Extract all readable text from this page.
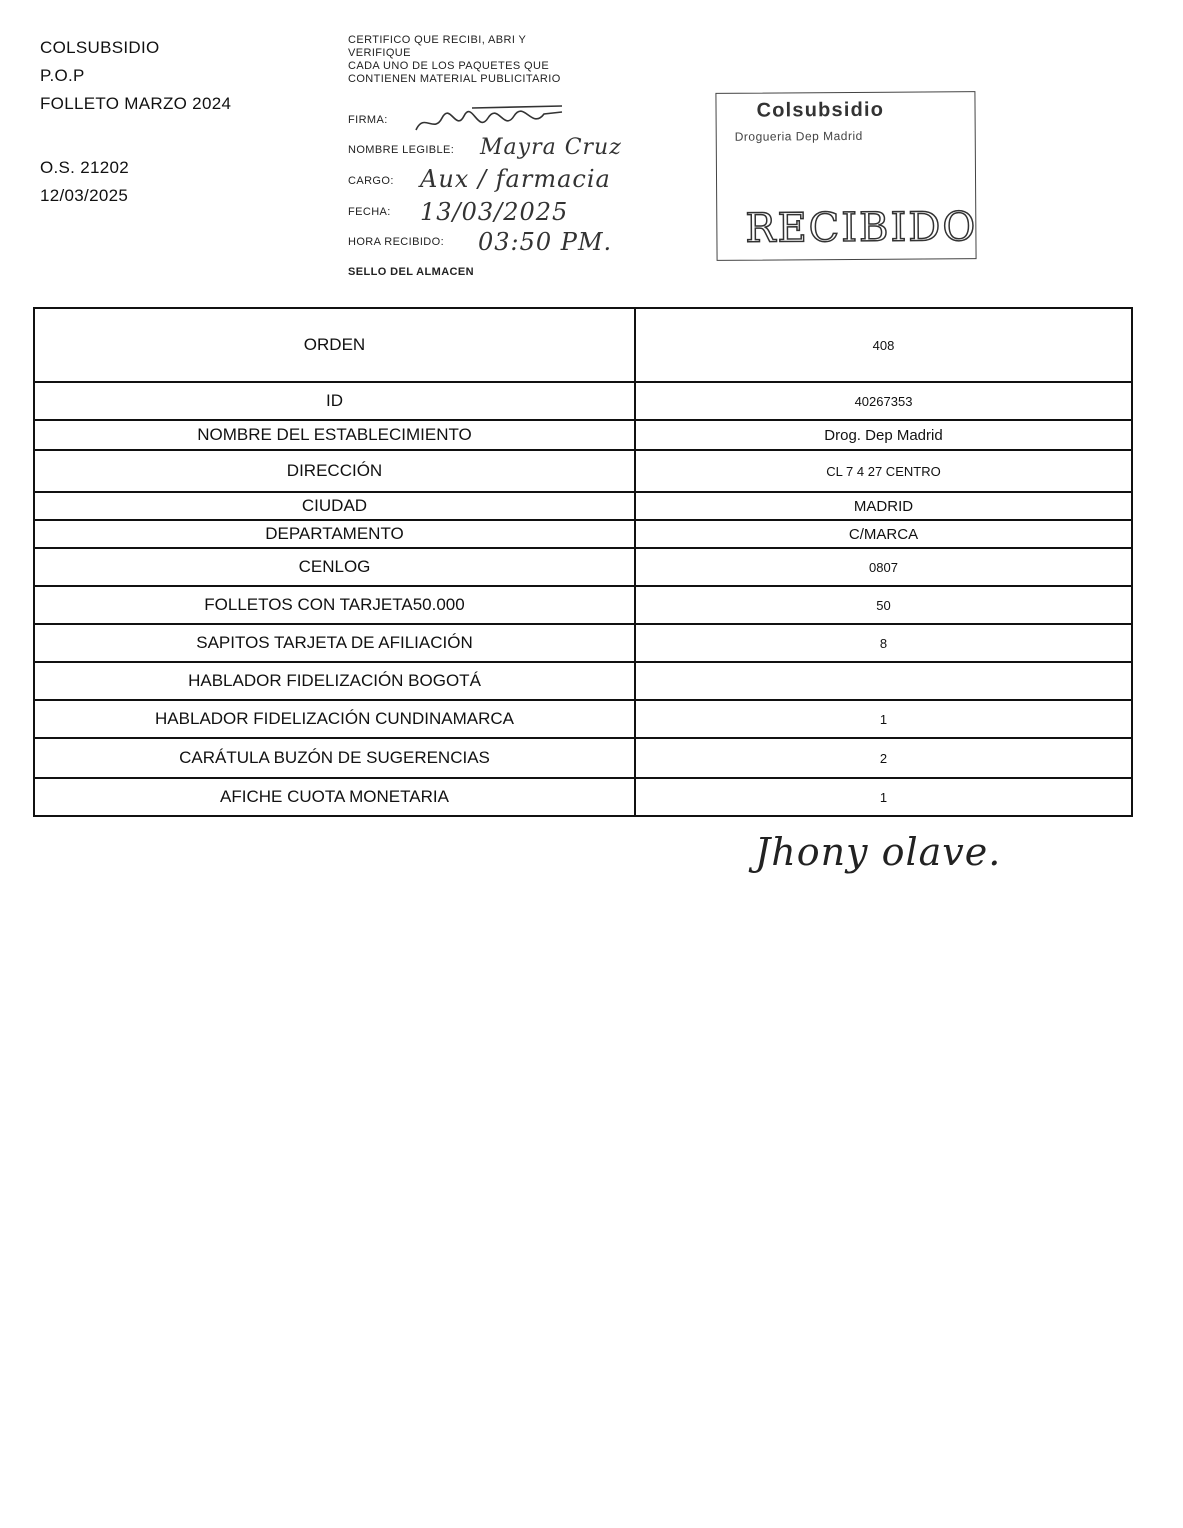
COLSUBSIDIO
P.O.P
FOLLETO MARZO 2024
O.S. 21202
12/03/2025
CERTIFICO QUE RECIBI, ABRI Y
VERIFIQUE
CADA UNO DE LOS PAQUETES QUE
CONTIENEN MATERIAL PUBLICITARIO
FIRMA:
NOMBRE LEGIBLE: Mayra Cruz
CARGO: Aux / farmacia
FECHA: 13/03/2025
HORA RECIBIDO: 03:50 PM.
SELLO DEL ALMACEN
Colsubsidio
Drogueria Dep Madrid
RECIBIDO
ORDEN	408
ID	40267353
NOMBRE DEL ESTABLECIMIENTO	Drog. Dep Madrid
DIRECCIÓN	CL 7 4 27 CENTRO
CIUDAD	MADRID
DEPARTAMENTO	C/MARCA
CENLOG	0807
FOLLETOS CON TARJETA50.000	50
SAPITOS TARJETA DE AFILIACIÓN	8
HABLADOR FIDELIZACIÓN BOGOTÁ	
HABLADOR FIDELIZACIÓN CUNDINAMARCA	1
CARÁTULA BUZÓN DE SUGERENCIAS	2
AFICHE CUOTA MONETARIA	1
Jhony olave.
